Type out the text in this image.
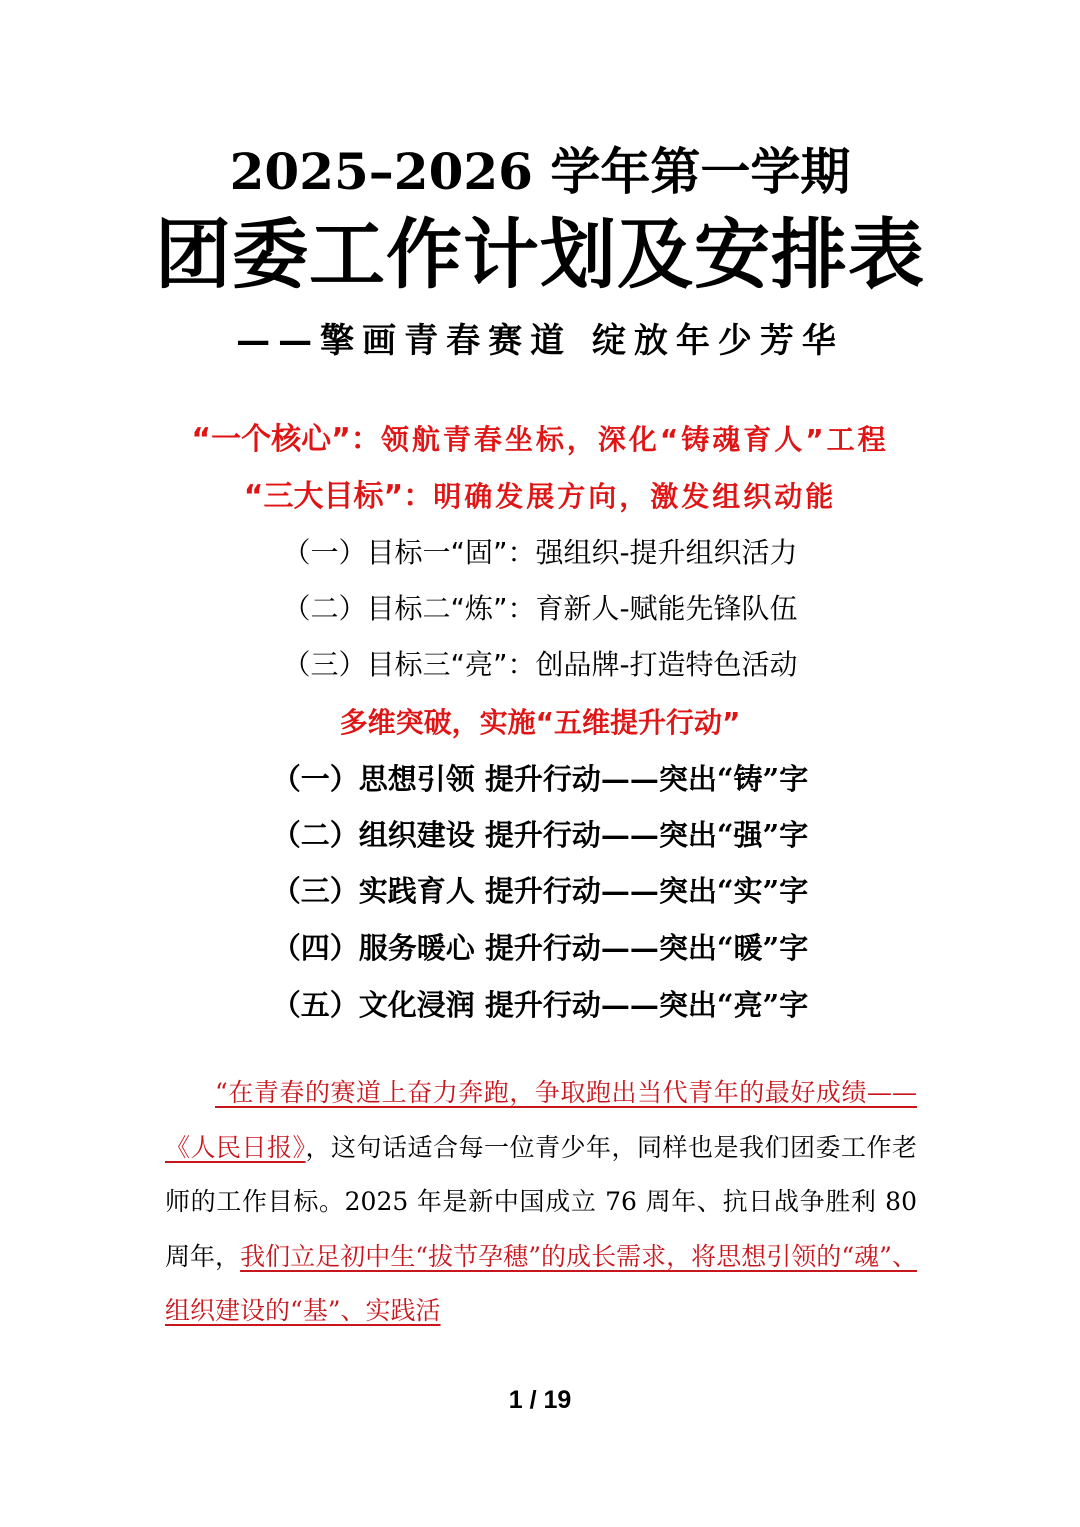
2025–2026 学年第一学期
团委工作计划及安排表
——擎画青春赛道 绽放年少芳华
“一个核心”：领航青春坐标，深化“铸魂育人”工程
“三大目标”：明确发展方向，激发组织动能
（一）目标一“固”：强组织-提升组织活力
（二）目标二“炼”：育新人-赋能先锋队伍
（三）目标三“亮”：创品牌-打造特色活动
多维突破，实施“五维提升行动”
（一）思想引领 提升行动——突出“铸”字
（二）组织建设 提升行动——突出“强”字
（三）实践育人 提升行动——突出“实”字
（四）服务暖心 提升行动——突出“暖”字
（五）文化浸润 提升行动——突出“亮”字

“在青春的赛道上奋力奔跑，争取跑出当代青年的最好成绩——《人民日报》，这句话适合每一位青少年，同样也是我们团委工作老师的工作目标。2025 年是新中国成立 76 周年、抗日战争胜利 80 周年，我们立足初中生“拔节孕穗”的成长需求，将思想引领的“魂”、组织建设的“基”、实践活

1 / 19
